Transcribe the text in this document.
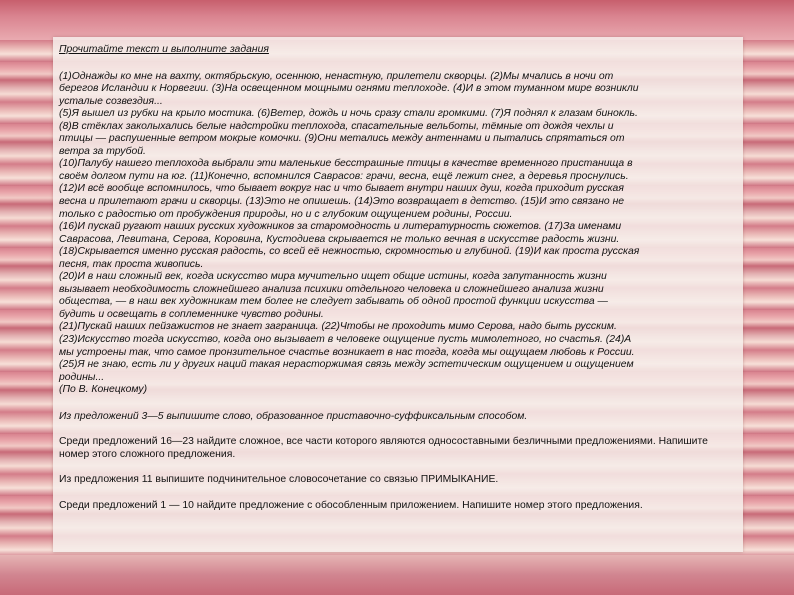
Прочитайте текст и выполните задания

(1)Однажды ко мне на вахту, октябрьскую, осеннюю, ненастную, прилетели скворцы. (2)Мы мчались в ночи от
берегов Исландии к Норвегии. (3)На освещенном мощными огнями теплоходе. (4)И в этом туманном мире возникли
усталые созвездия...
(5)Я вышел из рубки на крыло мостика. (6)Ветер, дождь и ночь сразу стали громкими. (7)Я поднял к глазам бинокль.
(8)В стёклах заколыхались белые надстройки теплохода, спасательные вельботы, тёмные от дождя чехлы и
птицы — распушенные ветром мокрые комочки. (9)Они метались между антеннами и пытались спрятаться от
ветра за трубой.
(10)Палубу нашего теплохода выбрали эти маленькие бесстрашные птицы в качестве временного пристанища в
своём долгом пути на юг. (11)Конечно, вспомнился Саврасов: грачи, весна, ещё лежит снег, а деревья проснулись.
(12)И всё вообще вспомнилось, что бывает вокруг нас и что бывает внутри наших душ, когда приходит русская
весна и прилетают грачи и скворцы. (13)Это не опишешь. (14)Это возвращает в детство. (15)И это связано не
только с радостью от пробуждения природы, но и с глубоким ощущением родины, России.
(16)И пускай ругают наших русских художников за старомодность и литературность сюжетов. (17)За именами
Саврасова, Левитана, Серова, Коровина, Кустодиева скрывается не только вечная в искусстве радость жизни.
(18)Скрывается именно русская радость, со всей её нежностью, скромностью и глубиной. (19)И как проста русская
песня, так проста живопись.
(20)И в наш сложный век, когда искусство мира мучительно ищет общие истины, когда запутанность жизни
вызывает необходимость сложнейшего анализа психики отдельного человека и сложнейшего анализа жизни
общества, — в наш век художникам тем более не следует забывать об одной простой функции искусства —
будить и освещать в соплеменнике чувство родины.
(21)Пускай наших пейзажистов не знает заграница. (22)Чтобы не проходить мимо Серова, надо быть русским.
(23)Искусство тогда искусство, когда оно вызывает в человеке ощущение пусть мимолетного, но счастья. (24)А
мы устроены так, что самое пронзительное счастье возникает в нас тогда, когда мы ощущаем любовь к России.
(25)Я не знаю, есть ли у других наций такая нерасторжимая связь между эстетическим ощущением и ощущением
родины...
(По В. Конецкому)

Из предложений 3—5 выпишите слово, образованное приставочно-суффиксальным способом.

Среди предложений 16—23 найдите сложное, все части которого являются односоставными безличными предложениями. Напишите номер этого сложного предложения.

Из предложения 11 выпишите подчинительное словосочетание со связью ПРИМЫКАНИЕ.

Среди предложений 1 — 10 найдите предложение с обособленным приложением. Напишите номер этого предложения.
